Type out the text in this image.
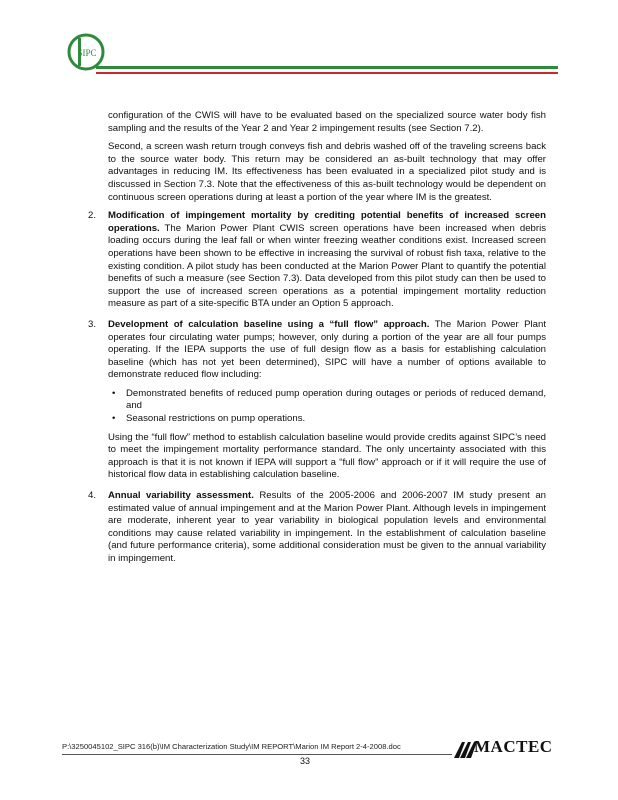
SIPC

configuration of the CWIS will have to be evaluated based on the specialized source water body fish sampling and the results of the Year 2 and Year 2 impingement results (see Section 7.2).

Second, a screen wash return trough conveys fish and debris washed off of the traveling screens back to the source water body. This return may be considered an as-built technology that may offer advantages in reducing IM. Its effectiveness has been evaluated in a specialized pilot study and is discussed in Section 7.3. Note that the effectiveness of this as-built technology would be dependent on continuous screen operations during at least a portion of the year where IM is the greatest.

2.	Modification of impingement mortality by crediting potential benefits of increased screen operations. The Marion Power Plant CWIS screen operations have been increased when debris loading occurs during the leaf fall or when winter freezing weather conditions exist. Increased screen operations have been shown to be effective in increasing the survival of robust fish taxa, relative to the existing condition. A pilot study has been conducted at the Marion Power Plant to quantify the potential benefits of such a measure (see Section 7.3). Data developed from this pilot study can then be used to support the use of increased screen operations as a potential impingement mortality reduction measure as part of a site-specific BTA under an Option 5 approach.

3.	Development of calculation baseline using a “full flow” approach. The Marion Power Plant operates four circulating water pumps; however, only during a portion of the year are all four pumps operating. If the IEPA supports the use of full design flow as a basis for establishing calculation baseline (which has not yet been determined), SIPC will have a number of options available to demonstrate reduced flow including:

• Demonstrated benefits of reduced pump operation during outages or periods of reduced demand, and
• Seasonal restrictions on pump operations.

Using the “full flow” method to establish calculation baseline would provide credits against SIPC’s need to meet the impingement mortality performance standard. The only uncertainty associated with this approach is that it is not known if IEPA will support a “full flow” approach or if it will require the use of historical flow data in establishing calculation baseline.

4.	Annual variability assessment. Results of the 2005-2006 and 2006-2007 IM study present an estimated value of annual impingement and at the Marion Power Plant. Although levels in impingement are moderate, inherent year to year variability in biological population levels and environmental conditions may cause related variability in impingement. In the establishment of calculation baseline (and future performance criteria), some additional consideration must be given to the annual variability in impingement.

P:\3250045102_SIPC 316(b)\IM Characterization Study\IM REPORT\Marion IM Report 2-4-2008.doc
33
MACTEC
